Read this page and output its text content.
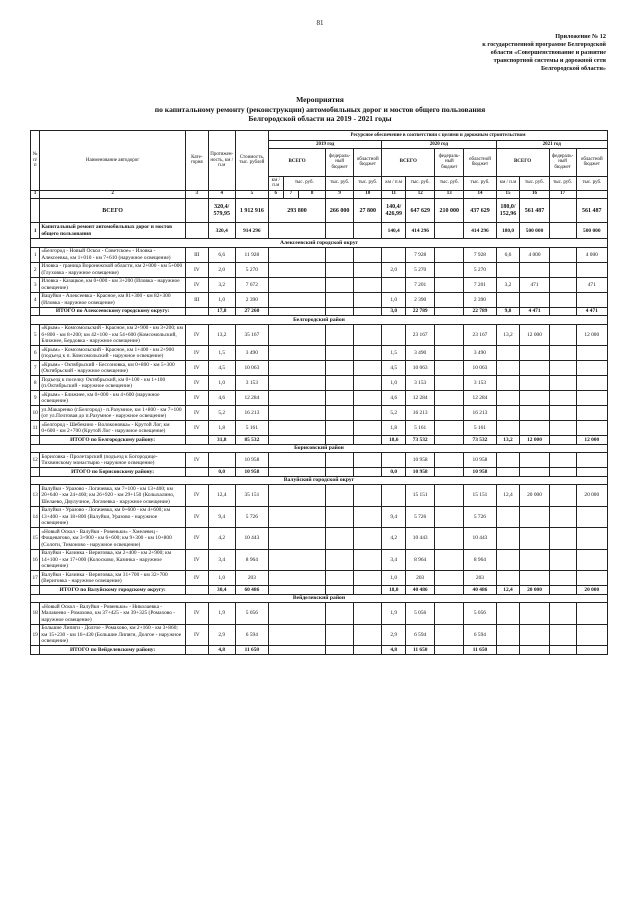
81
Приложение № 12
к государственной программе Белгородской
области «Совершенствование и развитие
транспортной системы и дорожной сети
Белгородской области»
Мероприятия
по капитальному ремонту (реконструкции) автомобильных дорог и мостов общего пользования
Белгородской области на 2019 - 2021 годы
№ п/п	Наименование автодорог	Кате-гория	Протяжен-ность, км / п.м	Стоимость, тыс. рублей	Ресурсное обеспечение в соответствии с целями и дорожным строительством												
					2019 год					2020 год				2021 год			
					ВСЕГО			федераль-ный бюджет	областной бюджет	ВСЕГО		федераль-ный бюджет	областной бюджет	ВСЕГО		федераль-ный бюджет	областной бюджет
					км / п.м	тыс. руб.		тыс. руб.	тыс. руб.	км / п.м	тыс. руб.	тыс. руб.	тыс. руб.	км / п.м	тыс. руб.	тыс. руб.	тыс. руб.
1	2	3	4	5	6	7	8	9	10	11	12	13	14	15	16	17	
	ВСЕГО		320,4/ 579,95	1 912 916	293 800			266 000	27 800	140,4/ 426,99	647 629	210 000	437 629	180,0/ 152,96	561 487		561 487
1	Капитальный ремонт автомобильных дорог и мостов общего пользования		320,4	914 296						140,4	414 296		414 296	180,0	500 000		500 000
Алексеевский городской округ																	
1	«Белгород - Новый Оскол - Советское» - Иловка - Алексеевка, км 1+010 - км 7+610 (наружное освещение)	III	6,6	11 928							7 928		7 928	6,6	4 000		4 000
2	Иловка - граница Воронежской области, км 2+000 - км 5+000 (Глуховка - наружное освещение)	IV	2,0	5 270						2,0	5 270		5 270				
3	Иловка - Казацкое, км 0+000 - км 3+200 (Иловка - наружное освещение)	IV	3,2	7 672							7 201		7 201	3,2	471		471
4	Вацуйки - Алексеевка - Красное, км 81+300 - км 82+300 (Иловка - наружное освещение)	III	1,0	2 390						1,0	2 390		2 390				
	ИТОГО по Алексеевскому городскому округу:		17,8	27 260						3,0	22 789		22 789	9,8	4 471		4 471
Белгородский район																	
5	«Крым» - Комсомольский - Красное, км 2+900 - км 3+200; км 6+800 - км 8+200; км 42+100 - км 54+600 (Комсомольский, Ближнее, Бердовка - наружное освещение)	IV	13,2	35 167							23 167		23 167	13,2	12 000		12 000
6	«Крым» - Комсомольский - Красное, км 1+400 - км 2+900 (подъезд к п. Комсомольский - наружное освещение)	IV	1,5	3 490						1,5	3 490		3 490				
7	«Крым» - Октябрьский - Бессоновка, км 0+800 - км 5+300 (Октябрьский - наружное освещение)	IV	4,5	10 063						4,5	10 063		10 063				
8	Подъезд к поселку Октябрьский, км 0+100 - км 1+100 (п.Октябрьский - наружное освещение)	IV	1,0	3 153						1,0	3 153		3 153				
9	«Крым» - Ближнее, км 0+000 - км 4+600 (наружное освещение)	IV	4,6	12 284						4,6	12 284		12 284				
10	ул.Макаренко (г.Белгород) - п.Разумное, км 1+800 - км 7+100 (от ул.Почтовая до п.Разумное - наружное освещение)	IV	5,2	16 213						5,2	16 213		16 213				
11	«Белгород - Шебекино - Волоконовка» - Крутой Лог, км 0+600 - км 2+700 (Крутой Лог - наружное освещение)	IV	1,8	5 161						1,8	5 161		5 161				
	ИТОГО по Белгородскому району:		31,8	85 532						18,6	73 532		73 532	13,2	12 000		12 000
Борисовский район																	
12	Борисовка - Пролетарский (подъезд к Богородице-Тихвинскому монастырю - наружное освещение)	IV		10 958							10 958		10 958				
	ИТОГО по Борисовскому району:		0,0	10 958						0,0	10 958		10 958				
Валуйский городской округ																	
13	Валуйки - Уразово - Логачевка, км 7+100 - км 13+400; км 20+640 - км 24+460; км 26+920 - км 29+150 (Колыхалино, Шелаево, Двулучное, Логачевка - наружное освещение)	IV	12,4	35 151							15 151		15 151	12,4	20 000		20 000
14	Валуйки - Уразово - Логачевка, км 0+600 - км 4+600; км 13+400 - км 18+800 (Валуйки, Уразово - наружное освещение)	IV	9,4	5 726						9,4	5 726		5 726				
15	«Новый Оскол - Валуйки - Ровеньки» - Хмелевец - Фощеватово, км 3+900 - км 6+600; км 9+300 - км 10+800 (Солоти, Тимоново - наружное освещение)	IV	4,2	10 443						4,2	10 443		10 443				
16	Валуйки - Казинка - Вериговка, км 2+400 - км 2+900; км 14+100 - км 17+000 (Колосково, Казинка - наружное освещение)	IV	3,4	8 964						3,4	8 964		8 964				
17	Валуйки - Казинка - Вериговка, км 31+700 - км 32+700 (Вериговка - наружное освещение)	IV	1,0	203						1,0	203		203				
	ИТОГО по Валуйскому городскому округу:		30,4	60 486						18,0	40 486		40 486	12,4	20 000		20 000
Вейделевский район																	
18	«Новый Оскол - Валуйки - Ровеньки» - Николаевка - Малакеево - Ромахово, км 37+425 - км 39+325 (Ромахово - наружное освещение)	IV	1,9	5 056						1,9	5 056		5 056				
19	Большие Липяги - Долгое - Ромахово, км 2+160 - км 3+860; км 15+230 - км 16+430 (Большие Липяги, Долгое - наружное освещение)	IV	2,9	6 594						2,9	6 594		6 594				
	ИТОГО по Вейделевскому району:		4,8	11 650						4,8	11 650		11 650				
